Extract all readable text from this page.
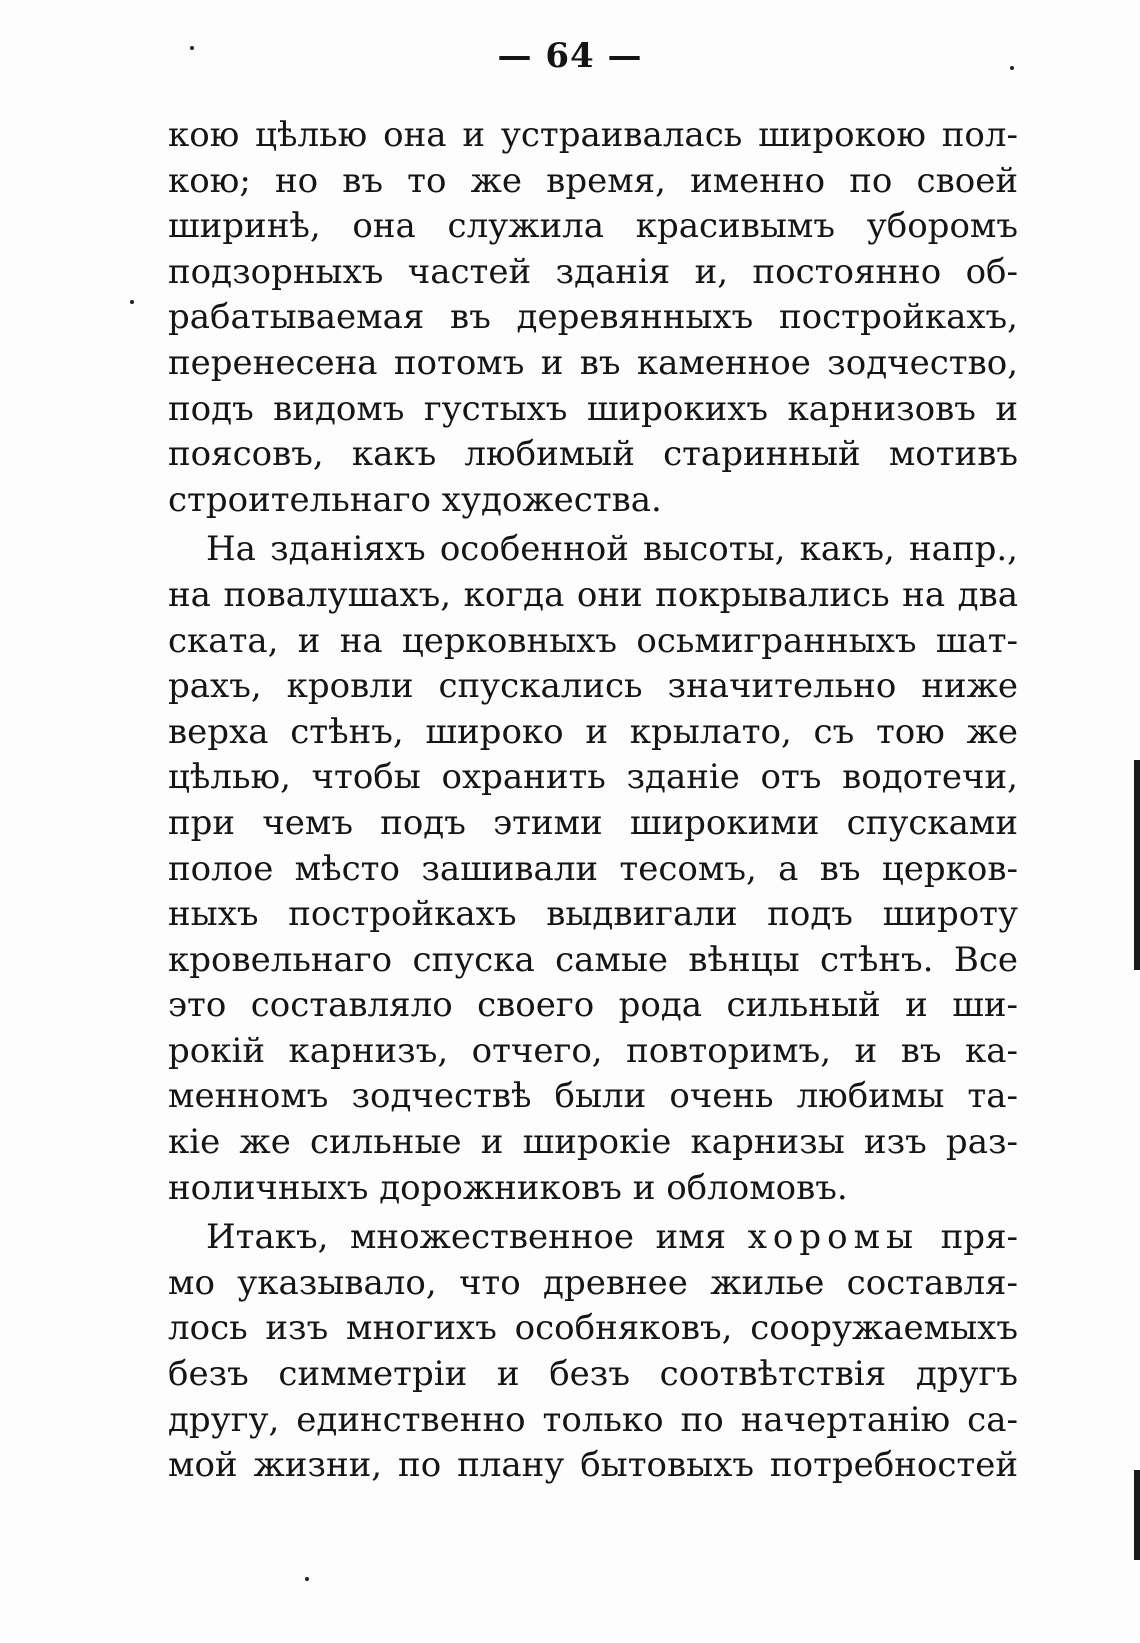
— 64 —
кою цѣлью она и устраивалась широкою пол-
кою; но въ то же время, именно по своей
ширинѣ, она служила красивымъ уборомъ
подзорныхъ частей зданія и, постоянно об-
рабатываемая въ деревянныхъ постройкахъ,
перенесена потомъ и въ каменное зодчество,
подъ видомъ густыхъ широкихъ карнизовъ и
поясовъ, какъ любимый старинный мотивъ
строительнаго художества.
На зданіяхъ особенной высоты, какъ, напр.,
на повалушахъ, когда они покрывались на два
ската, и на церковныхъ осьмигранныхъ шат-
рахъ, кровли спускались значительно ниже
верха стѣнъ, широко и крылато, съ тою же
цѣлью, чтобы охранить зданіе отъ водотечи,
при чемъ подъ этими широкими спусками
полое мѣсто зашивали тесомъ, а въ церков-
ныхъ постройкахъ выдвигали подъ широту
кровельнаго спуска самые вѣнцы стѣнъ. Все
это составляло своего рода сильный и ши-
рокій карнизъ, отчего, повторимъ, и въ ка-
менномъ зодчествѣ были очень любимы та-
кіе же сильные и широкіе карнизы изъ раз-
ноличныхъ дорожниковъ и обломовъ.
Итакъ, множественное имя хоромы пря-
мо указывало, что древнее жилье составля-
лось изъ многихъ особняковъ, сооружаемыхъ
безъ симметріи и безъ соотвѣтствія другъ
другу, единственно только по начертанію са-
мой жизни, по плану бытовыхъ потребностей
